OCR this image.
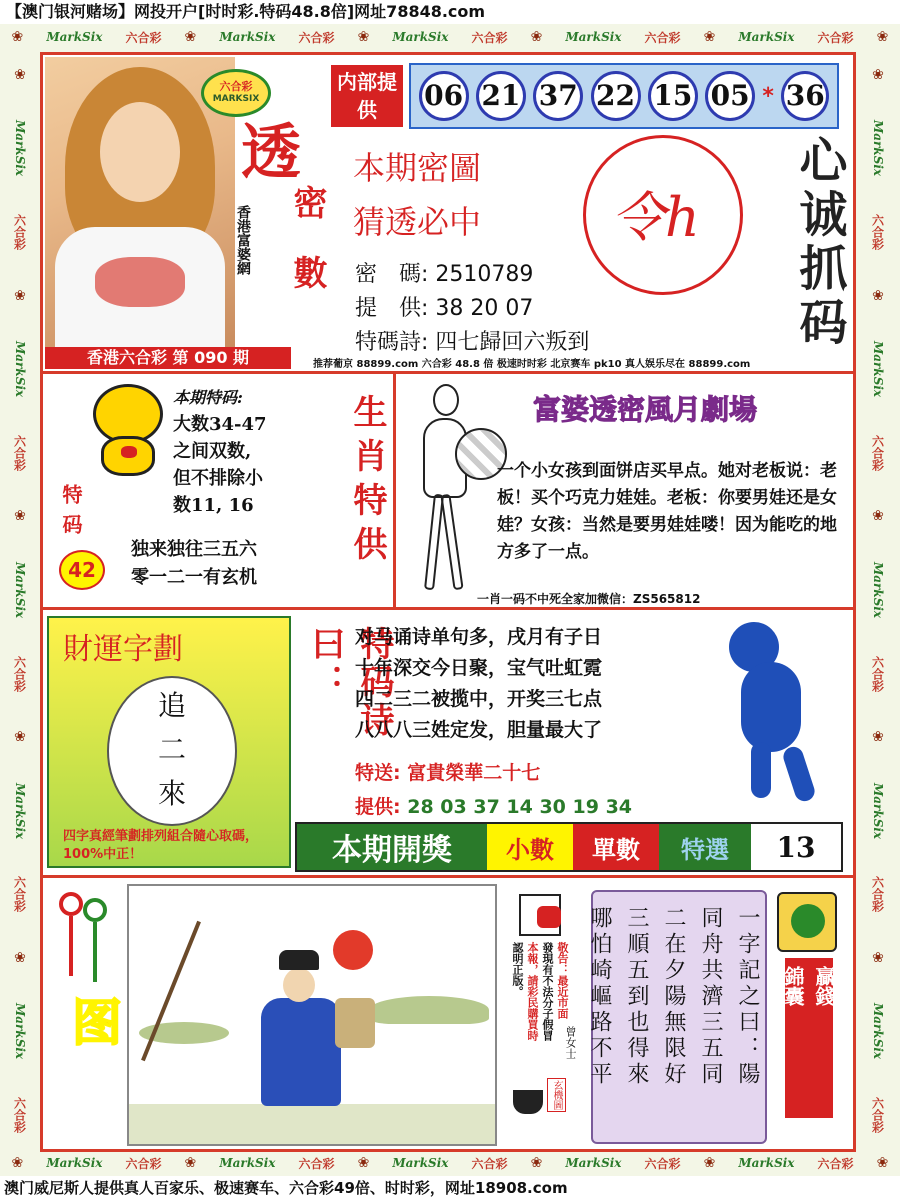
【澳门银河赌场】网投开户[时时彩.特码48.8倍]网址78848.com
澳门威尼斯人提供真人百家乐、极速赛车、六合彩49倍、时时彩，网址18908.com
❀ MarkSix 六合彩 ❀ MarkSix 六合彩 ❀ MarkSix 六合彩 ❀ MarkSix 六合彩 ❀ MarkSix 六合彩 ❀
❀ MarkSix 六合彩 ❀ MarkSix 六合彩 ❀ MarkSix 六合彩 ❀ MarkSix 六合彩 ❀ MarkSix 六合彩 ❀
❀
MarkSix
六合彩
❀
MarkSix
六合彩
❀
MarkSix
六合彩
❀
MarkSix
六合彩
❀
MarkSix
六合彩
❀
MarkSix
六合彩
❀
MarkSix
六合彩
❀
MarkSix
六合彩
❀
MarkSix
六合彩
❀
MarkSix
六合彩
六合彩
MARKSIX
透
香港富婆網
密
數
香港六合彩 第 090 期
内部提供	06 21 37 22 15 05 * 36
本期密圖
猜透必中
密　碼: 2510789
提　供: 38 20 07
特碼詩: 四七歸回六叛到
令h 心诚抓码
推荐葡京 88899.com 六合彩 48.8 倍 极速时时彩 北京赛车 pk10 真人娱乐尽在 88899.com
特码
42
本期特码:
大数34-47
之间双数,
但不排除小
数11, 16
独来独往三五六
零一二一有玄机
生肖特供	富婆透密風月劇場
一个小女孩到面饼店买早点。她对老板说：老板！买个巧克力娃娃。老板：你要男娃还是女娃？女孩：当然是要男娃娃喽！因为能吃的地方多了一点。
一肖一码不中死全家加微信：ZS565812
財運字劃
追
二
來
四字真經筆劃排列組合隨心取碼，100%中正！
特码诗曰： 对马诵诗单句多，戌月有子日
十年深交今日聚，宝气吐虹霓
四二三二被揽中，开奖三七点
八八八三姓定发，胆量最大了
特送: 富貴榮華二十七
提供: 28 03 37 14 30 19 34
本期開獎	小數	單數	特選	13
图
敬告：最近市面
發現有不法分子假冒
本報，請彩民購買時
認明正版。
玄機圖
一字記之曰：陽
同舟共濟三五同
二在夕陽無限好
三順五到也得來
哪怕崎嶇路不平
曾女士
贏錢
錦囊
